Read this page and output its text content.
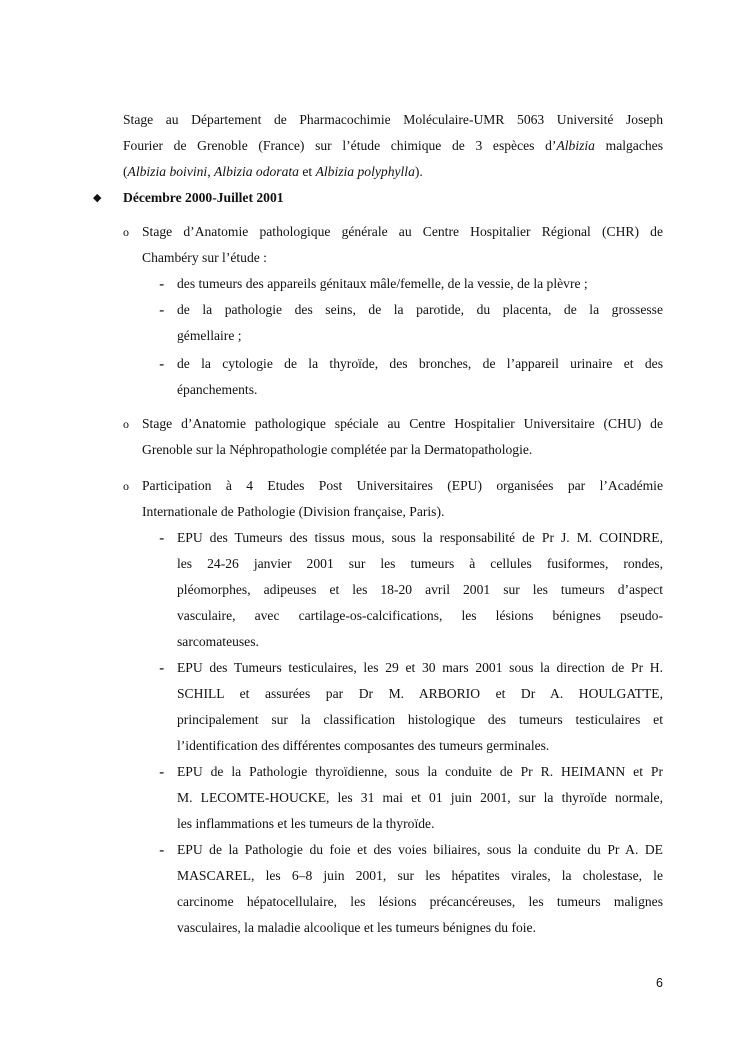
Stage au Département de Pharmacochimie Moléculaire-UMR 5063 Université Joseph

Fourier de Grenoble (France) sur l’étude chimique de 3 espèces d’Albizia malgaches

(Albizia boivini, Albizia odorata et Albizia polyphylla).

◆ Décembre 2000-Juillet 2001

o Stage d’Anatomie pathologique générale au Centre Hospitalier Régional (CHR) de

Chambéry sur l’étude :

- des tumeurs des appareils génitaux mâle/femelle, de la vessie, de la plèvre ;

- de la pathologie des seins, de la parotide, du placenta, de la grossesse

gémellaire ;

- de la cytologie de la thyroïde, des bronches, de l’appareil urinaire et des

épanchements.

o Stage d’Anatomie pathologique spéciale au Centre Hospitalier Universitaire (CHU) de

Grenoble sur la Néphropathologie complétée par la Dermatopathologie.

o Participation à 4 Etudes Post Universitaires (EPU) organisées par l’Académie

Internationale de Pathologie (Division française, Paris).

- EPU des Tumeurs des tissus mous, sous la responsabilité de Pr J. M. COINDRE,

les 24-26 janvier 2001 sur les tumeurs à cellules fusiformes, rondes,

pléomorphes, adipeuses et les 18-20 avril 2001 sur les tumeurs d’aspect

vasculaire, avec cartilage-os-calcifications, les lésions bénignes pseudo-

sarcomateuses.

- EPU des Tumeurs testiculaires, les 29 et 30 mars 2001 sous la direction de Pr H.

SCHILL et assurées par Dr M. ARBORIO et Dr A. HOULGATTE,

principalement sur la classification histologique des tumeurs testiculaires et

l’identification des différentes composantes des tumeurs germinales.

- EPU de la Pathologie thyroïdienne, sous la conduite de Pr R. HEIMANN et Pr

M. LECOMTE-HOUCKE, les 31 mai et 01 juin 2001, sur la thyroïde normale,

les inflammations et les tumeurs de la thyroïde.

- EPU de la Pathologie du foie et des voies biliaires, sous la conduite du Pr A. DE

MASCAREL, les 6–8 juin 2001, sur les hépatites virales, la cholestase, le

carcinome hépatocellulaire, les lésions précancéreuses, les tumeurs malignes

vasculaires, la maladie alcoolique et les tumeurs bénignes du foie.

6
